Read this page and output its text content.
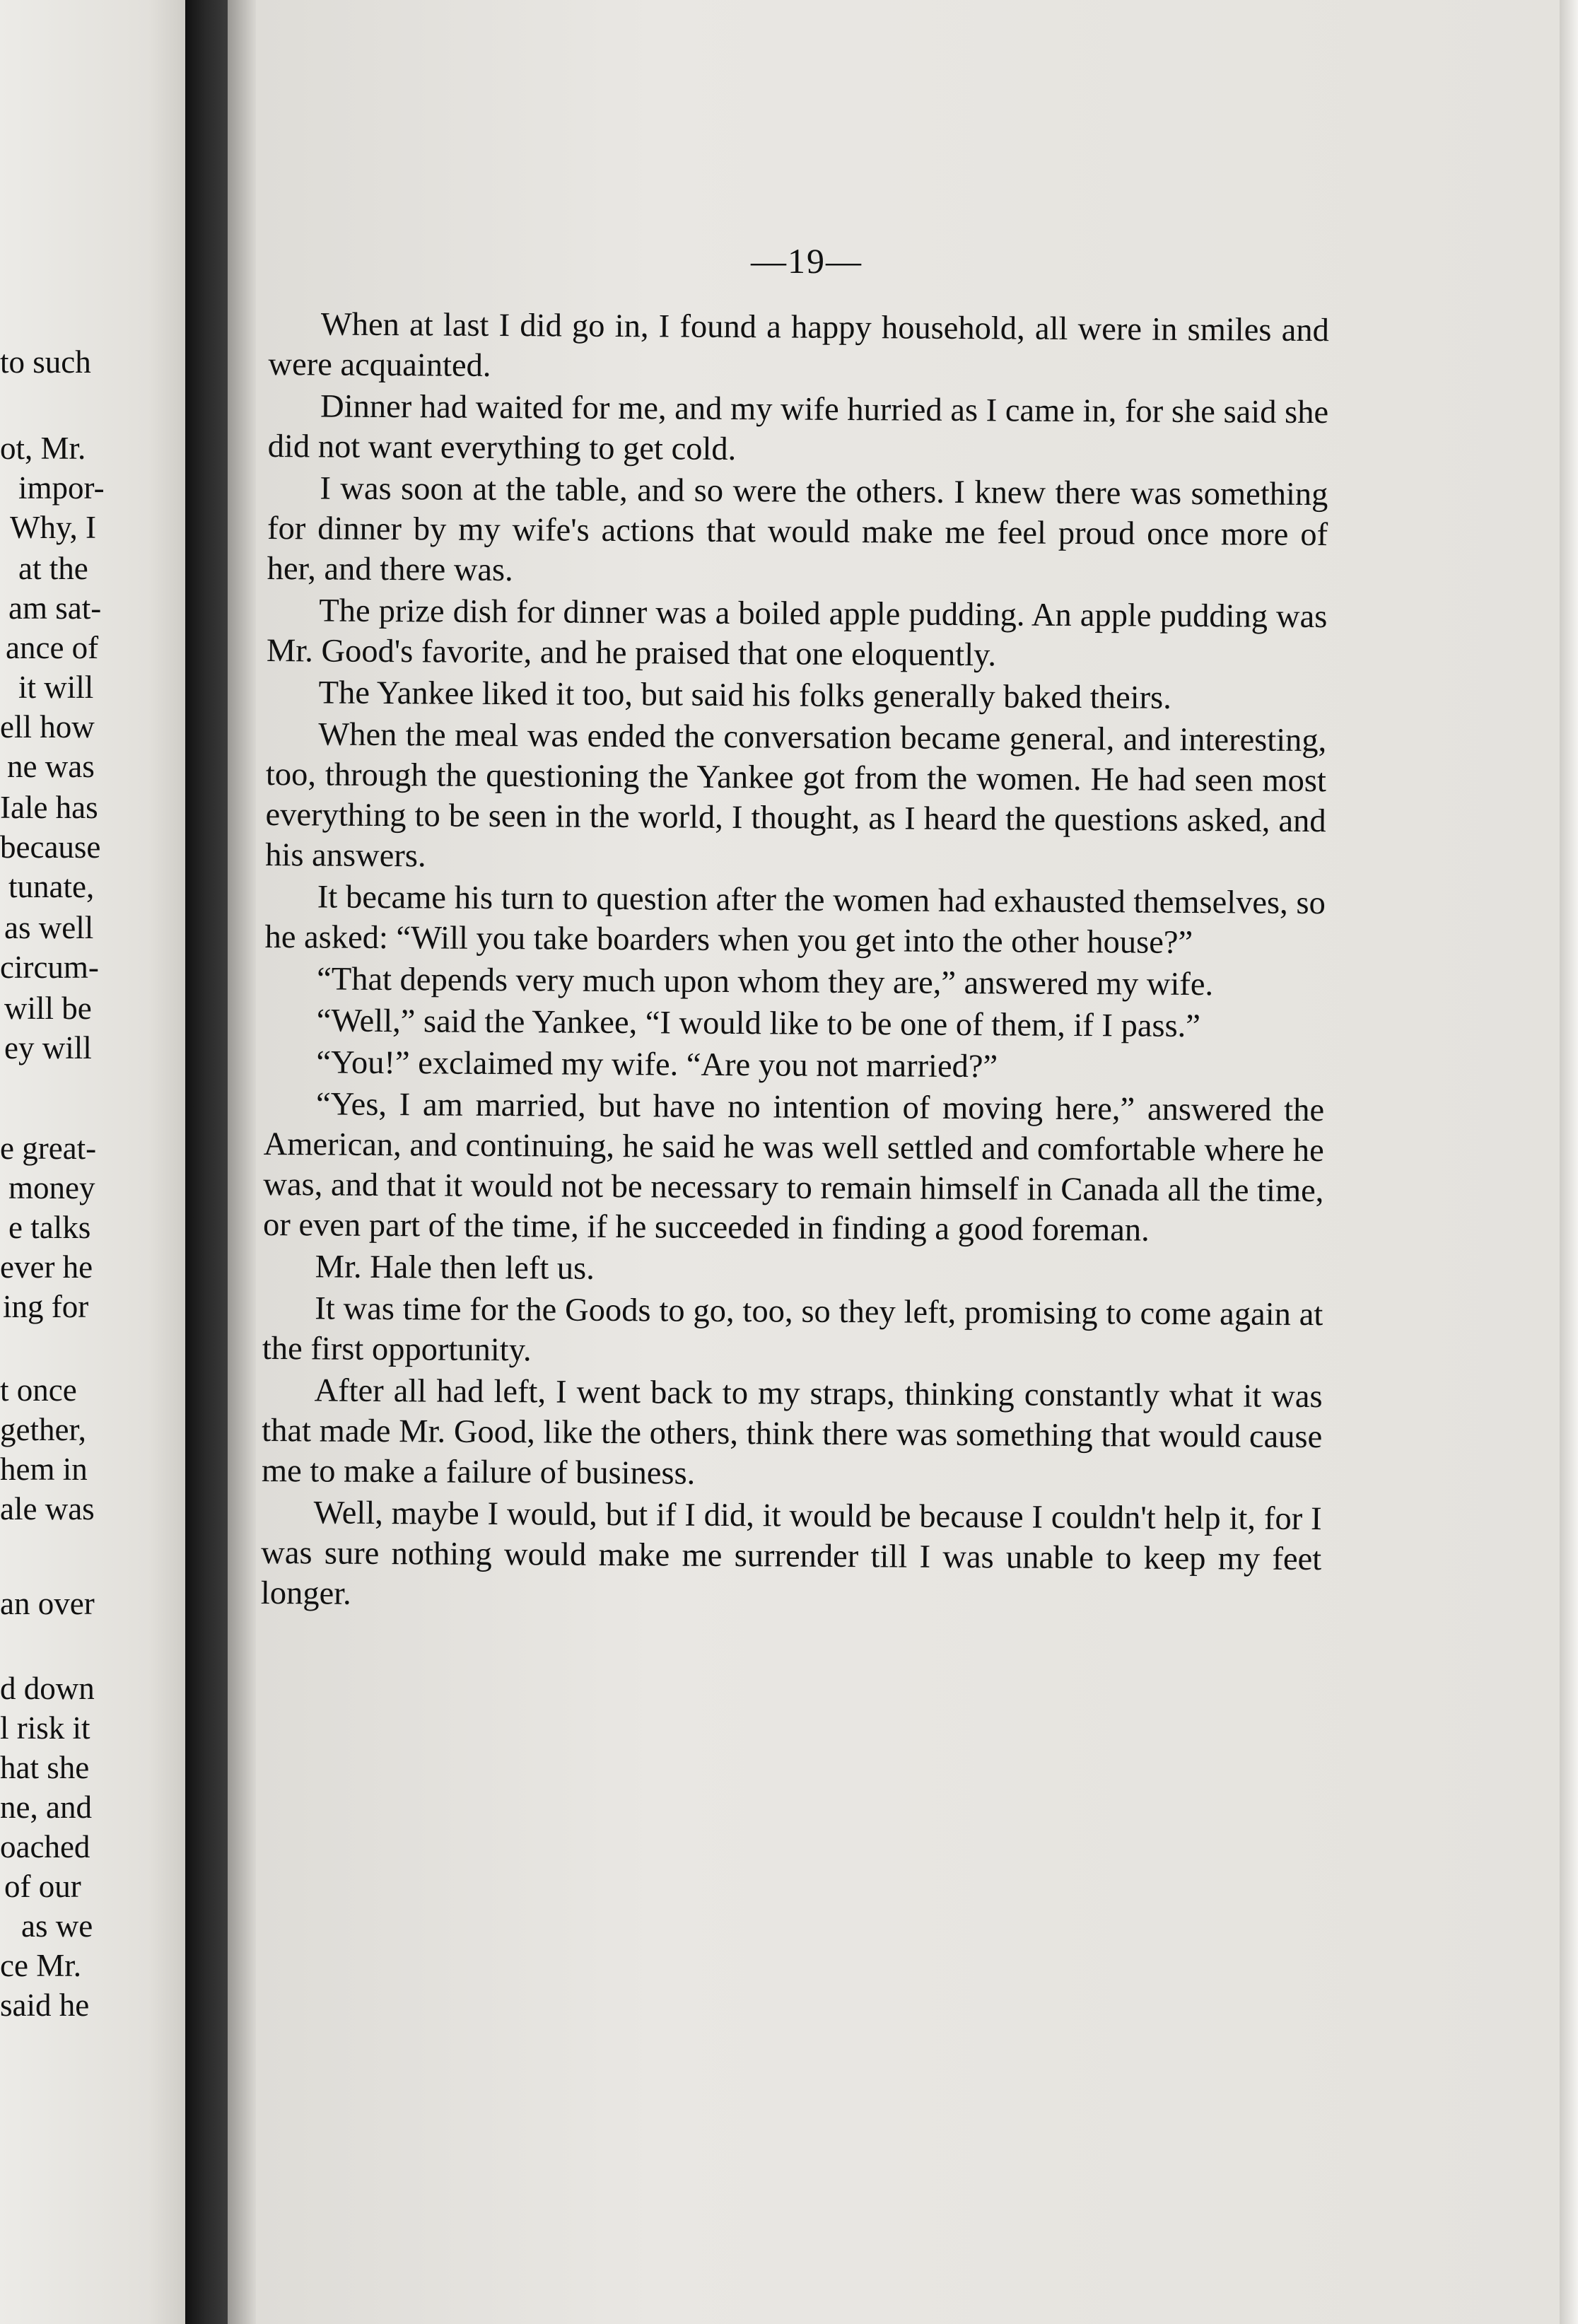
to such
ot, Mr.
impor-
Why, I
at the
am sat-
ance of
it will
ell how
ne was
Iale has
because
tunate,
as well
circum-
will be
ey will
e great-
money
e talks
ever he
ing for
t once
gether,
hem in
ale was
an over
d down
l risk it
hat she
ne, and
oached
of our
as we
ce Mr.
said he
—19—

When at last I did go in, I found a happy household, all were in smiles and were acquainted.

Dinner had waited for me, and my wife hurried as I came in, for she said she did not want everything to get cold.

I was soon at the table, and so were the others. I knew there was something for dinner by my wife's actions that would make me feel proud once more of her, and there was.

The prize dish for dinner was a boiled apple pudding. An apple pudding was Mr. Good's favorite, and he praised that one eloquently.

The Yankee liked it too, but said his folks generally baked theirs.

When the meal was ended the conversation became general, and interesting, too, through the questioning the Yankee got from the women. He had seen most everything to be seen in the world, I thought, as I heard the questions asked, and his answers.

It became his turn to question after the women had exhausted themselves, so he asked: “Will you take boarders when you get into the other house?”

“That depends very much upon whom they are,” answered my wife.

“Well,” said the Yankee, “I would like to be one of them, if I pass.”

“You!” exclaimed my wife. “Are you not married?”

“Yes, I am married, but have no intention of moving here,” answered the American, and continuing, he said he was well settled and comfortable where he was, and that it would not be necessary to remain himself in Canada all the time, or even part of the time, if he succeeded in finding a good foreman.

Mr. Hale then left us.

It was time for the Goods to go, too, so they left, promising to come again at the first opportunity.

After all had left, I went back to my straps, thinking constantly what it was that made Mr. Good, like the others, think there was something that would cause me to make a failure of business.

Well, maybe I would, but if I did, it would be because I couldn't help it, for I was sure nothing would make me surrender till I was unable to keep my feet longer.
